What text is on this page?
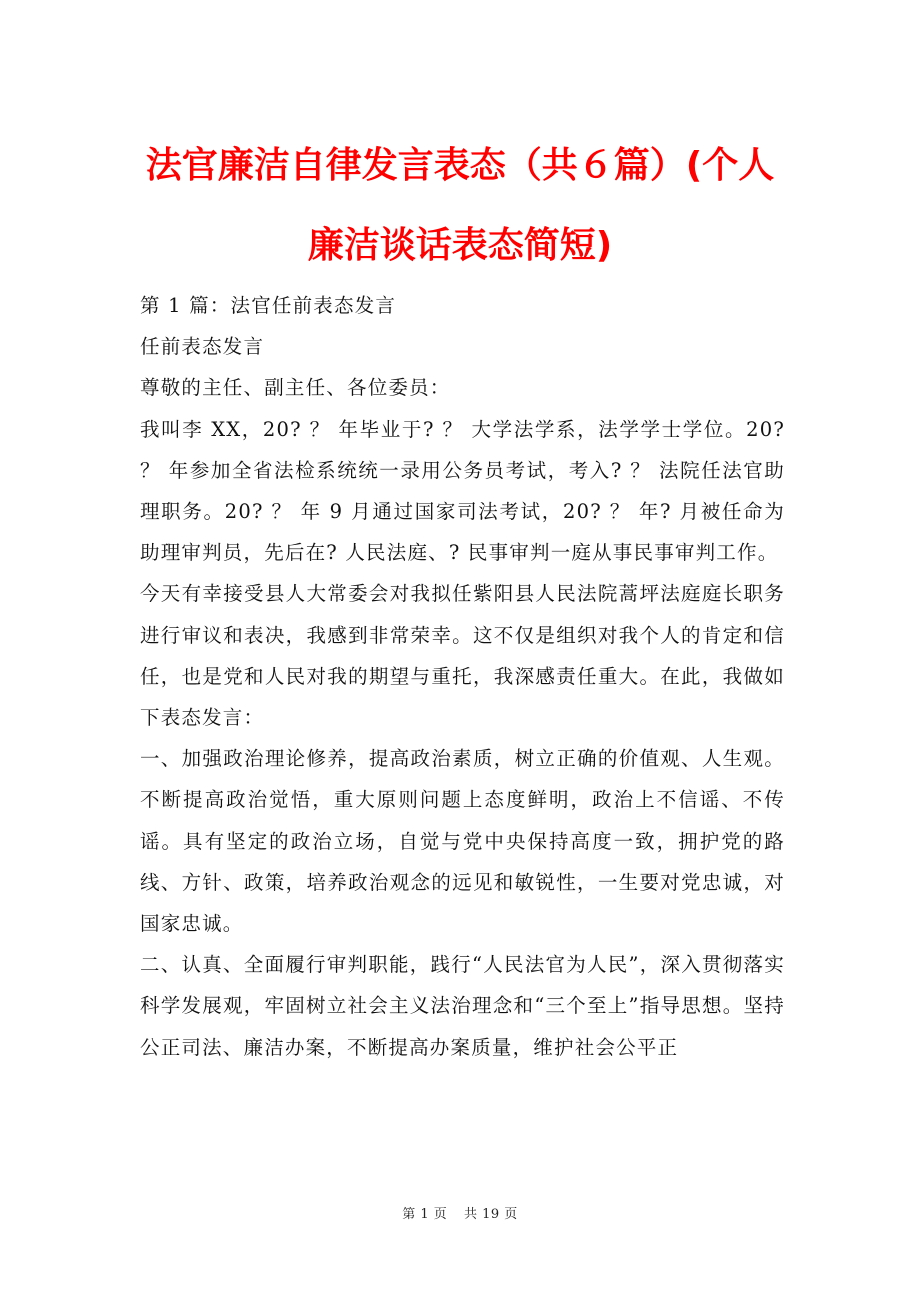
法官廉洁自律发言表态（共６篇）(个人廉洁谈话表态简短)

第 1 篇：法官任前表态发言

任前表态发言

尊敬的主任、副主任、各位委员：

我叫李 XX，20? ？ 年毕业于? ？ 大学法学系，法学学士学位。20? ？ 年参加全省法检系统统一录用公务员考试，考入? ？ 法院任法官助理职务。20? ？ 年 9 月通过国家司法考试，20? ？ 年? 月被任命为助理审判员，先后在? 人民法庭、? 民事审判一庭从事民事审判工作。

今天有幸接受县人大常委会对我拟任紫阳县人民法院蒿坪法庭庭长职务进行审议和表决，我感到非常荣幸。这不仅是组织对我个人的肯定和信任，也是党和人民对我的期望与重托，我深感责任重大。在此，我做如下表态发言：

一、加强政治理论修养，提高政治素质，树立正确的价值观、人生观。不断提高政治觉悟，重大原则问题上态度鲜明，政治上不信谣、不传谣。具有坚定的政治立场，自觉与党中央保持高度一致，拥护党的路线、方针、政策，培养政治观念的远见和敏锐性，一生要对党忠诚，对国家忠诚。

二、认真、全面履行审判职能，践行“人民法官为人民”，深入贯彻落实科学发展观，牢固树立社会主义法治理念和“三个至上”指导思想。坚持公正司法、廉洁办案，不断提高办案质量，维护社会公平正

第 1 页 共 19 页
